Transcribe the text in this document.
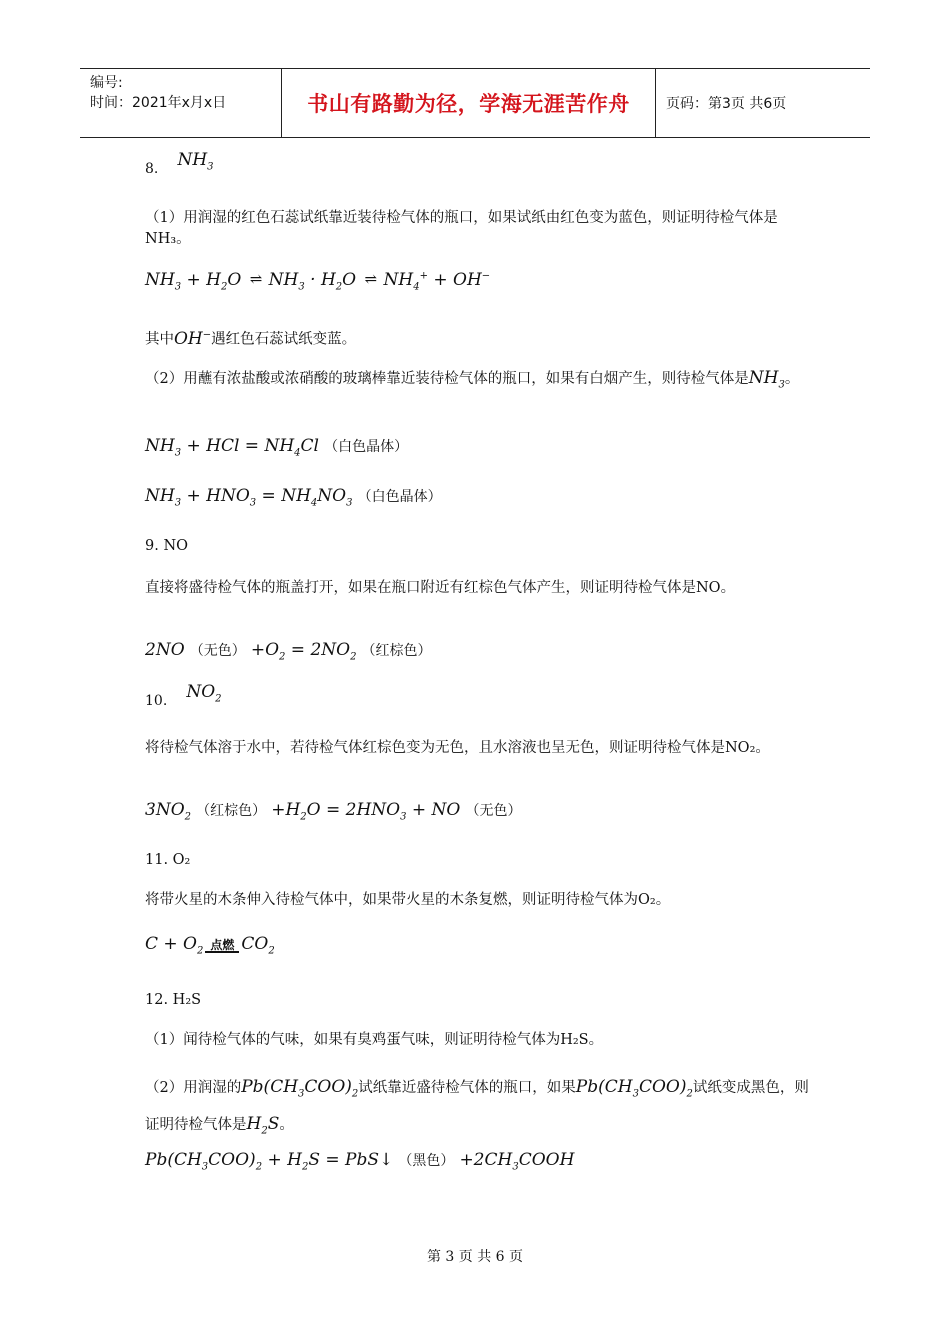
编号:
时间：2021年x月x日	书山有路勤为径，学海无涯苦作舟	页码：第3页 共6页
8. $NH_3$

（1）用润湿的红色石蕊试纸靠近装待检气体的瓶口，如果试纸由红色变为蓝色，则证明待检气体是NH₃。

$NH_3 + H_2O$ ⇌ $NH_3 \cdot H_2O$ ⇌ $NH_4^+ + OH^-$

其中OH−遇红色石蕊试纸变蓝。

（2）用蘸有浓盐酸或浓硝酸的玻璃棒靠近装待检气体的瓶口，如果有白烟产生，则待检气体是$NH_3$。

$NH_3$ + HCl = $NH_4Cl$ （白色晶体）
$NH_3 + HNO_3 = NH_4NO_3$ （白色晶体）

9. NO

直接将盛待检气体的瓶盖打开，如果在瓶口附近有红棕色气体产生，则证明待检气体是NO。

2NO （无色） $+O_2 = 2NO_2$ （红棕色）
10. $NO_2$

将待检气体溶于水中，若待检气体红棕色变为无色，且水溶液也呈无色，则证明待检气体是NO₂。

$3NO_2$ （红棕色） $+H_2O = 2HNO_3$ + NO （无色）

11. O₂

将带火星的木条伸入待检气体中，如果带火星的木条复燃，则证明待检气体为O₂。

$C + O_2$ 点燃 $CO_2$

12. H₂S

（1）闻待检气体的气味，如果有臭鸡蛋气味，则证明待检气体为H₂S。

（2）用润湿的$Pb(CH_3COO)_2$试纸靠近盛待检气体的瓶口，如果$Pb(CH_3COO)_2$试纸变成黑色，则证明待检气体是$H_2S$。

$Pb(CH_3COO)_2 + H_2S$ = PbS↓ （黑色） $+2CH_3COOH$
第 3 页 共 6 页
